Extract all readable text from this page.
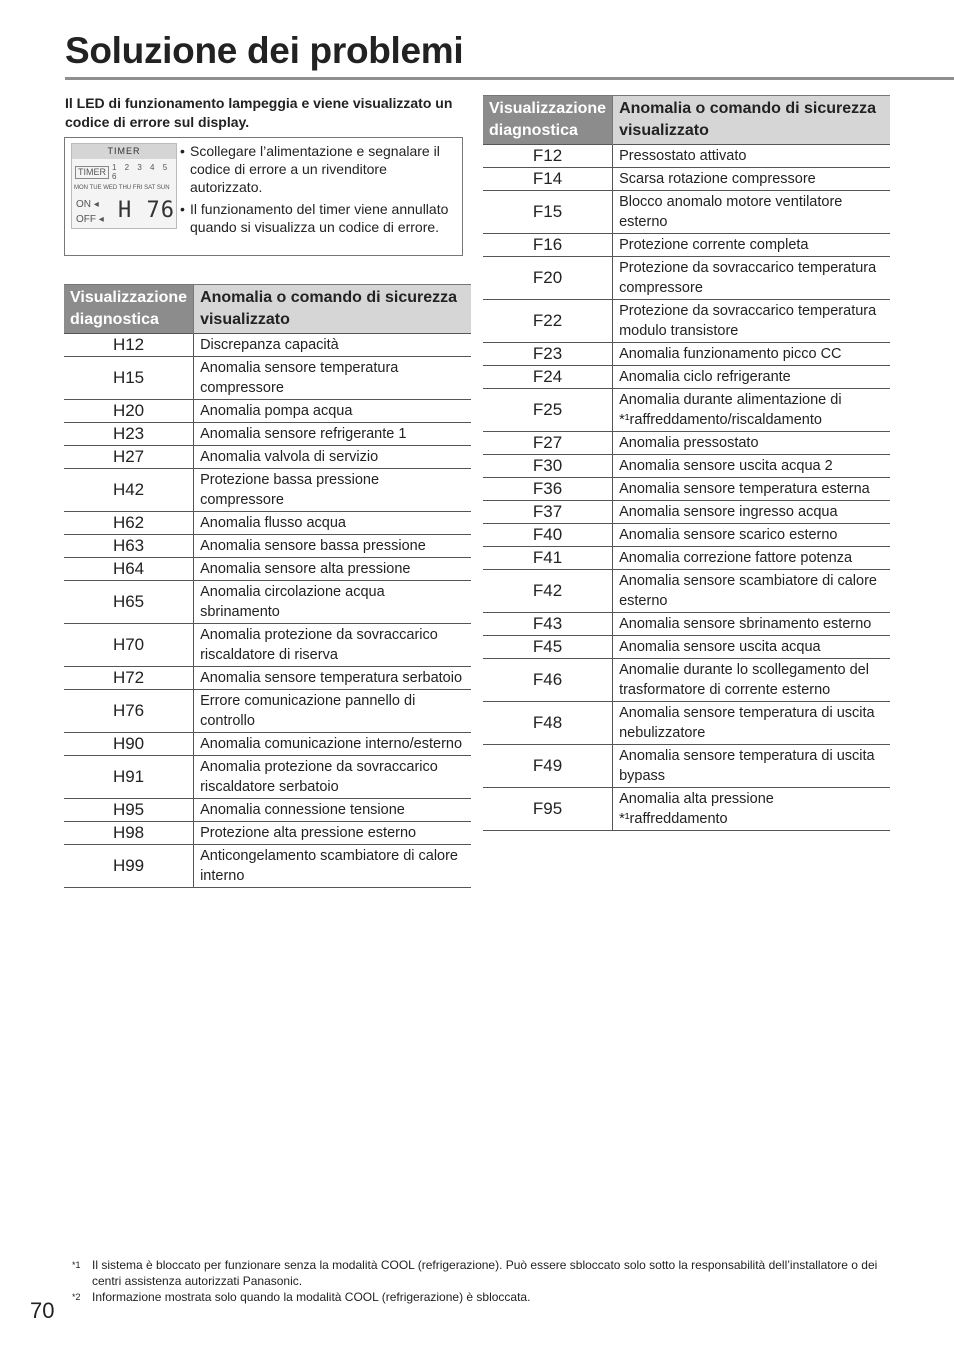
Soluzione dei problemi
Il LED di funzionamento lampeggia e viene visualizzato un codice di errore sul display.
TIMER
TIMER 1 2 3 4 5 6
MON TUE WED THU FRI SAT SUN
ON ◂
OFF ◂ H 76
• Scollegare l’alimentazione e segnalare il codice di errore a un rivenditore autorizzato.
• Il funzionamento del timer viene annullato quando si visualizza un codice di errore.
Visualizzazione diagnostica	Anomalia o comando di sicurezza visualizzato
H12	Discrepanza capacità
H15	Anomalia sensore temperatura compressore
H20	Anomalia pompa acqua
H23	Anomalia sensore refrigerante 1
H27	Anomalia valvola di servizio
H42	Protezione bassa pressione compressore
H62	Anomalia flusso acqua
H63	Anomalia sensore bassa pressione
H64	Anomalia sensore alta pressione
H65	Anomalia circolazione acqua sbrinamento
H70	Anomalia protezione da sovraccarico riscaldatore di riserva
H72	Anomalia sensore temperatura serbatoio
H76	Errore comunicazione pannello di controllo
H90	Anomalia comunicazione interno/esterno
H91	Anomalia protezione da sovraccarico riscaldatore serbatoio
H95	Anomalia connessione tensione
H98	Protezione alta pressione esterno
H99	Anticongelamento scambiatore di calore interno
Visualizzazione diagnostica	Anomalia o comando di sicurezza visualizzato
F12	Pressostato attivato
F14	Scarsa rotazione compressore
F15	Blocco anomalo motore ventilatore esterno
F16	Protezione corrente completa
F20	Protezione da sovraccarico temperatura compressore
F22	Protezione da sovraccarico temperatura modulo transistore
F23	Anomalia funzionamento picco CC
F24	Anomalia ciclo refrigerante
F25	Anomalia durante alimentazione di *¹raffreddamento/riscaldamento
F27	Anomalia pressostato
F30	Anomalia sensore uscita acqua 2
F36	Anomalia sensore temperatura esterna
F37	Anomalia sensore ingresso acqua
F40	Anomalia sensore scarico esterno
F41	Anomalia correzione fattore potenza
F42	Anomalia sensore scambiatore di calore esterno
F43	Anomalia sensore sbrinamento esterno
F45	Anomalia sensore uscita acqua
F46	Anomalie durante lo scollegamento del trasformatore di corrente esterno
F48	Anomalia sensore temperatura di uscita nebulizzatore
F49	Anomalia sensore temperatura di uscita bypass
F95	Anomalia alta pressione *¹raffreddamento
*1 Il sistema è bloccato per funzionare senza la modalità COOL (refrigerazione). Può essere sbloccato solo sotto la responsabilità dell’installatore o dei centri assistenza autorizzati Panasonic.
*2 Informazione mostrata solo quando la modalità COOL (refrigerazione) è sbloccata.
70
